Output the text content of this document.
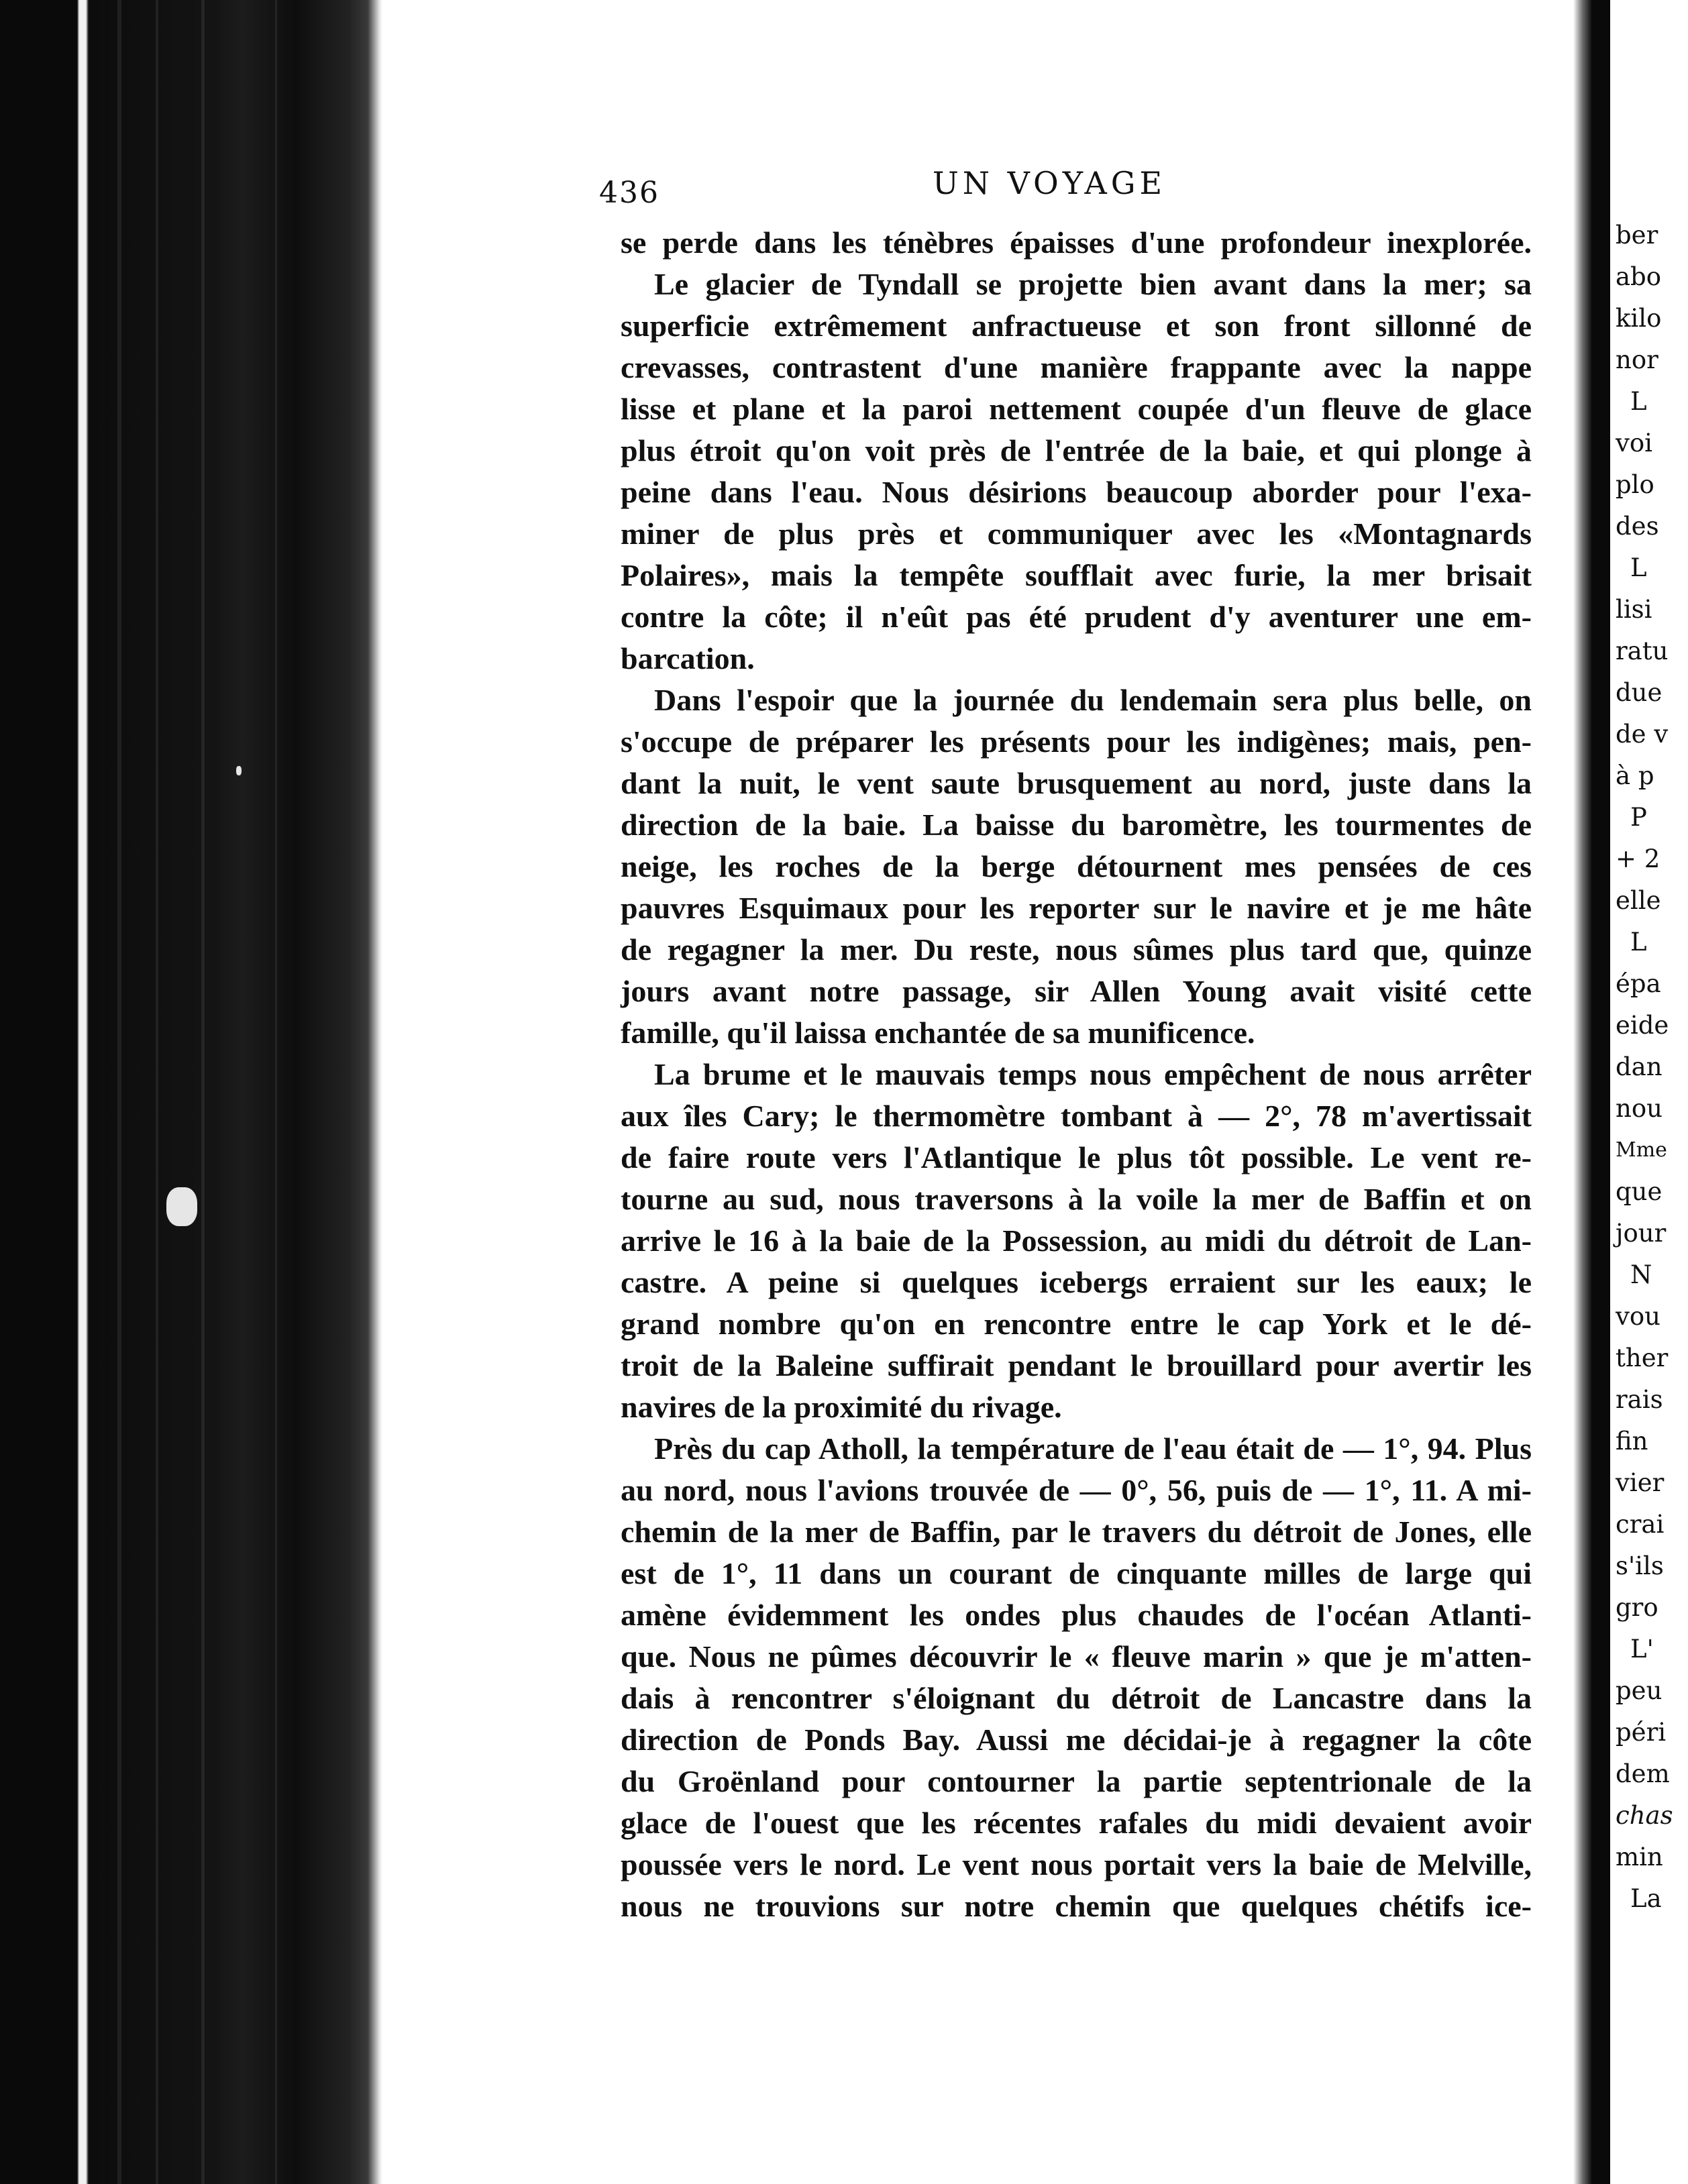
436	UN VOYAGE
se perde dans les ténèbres épaisses d'une profondeur inexplorée.
Le glacier de Tyndall se projette bien avant dans la mer; sa
superficie extrêmement anfractueuse et son front sillonné de
crevasses, contrastent d'une manière frappante avec la nappe
lisse et plane et la paroi nettement coupée d'un fleuve de glace
plus étroit qu'on voit près de l'entrée de la baie, et qui plonge à
peine dans l'eau. Nous désirions beaucoup aborder pour l'exa-
miner de plus près et communiquer avec les «Montagnards
Polaires», mais la tempête soufflait avec furie, la mer brisait
contre la côte; il n'eût pas été prudent d'y aventurer une em-
barcation.
Dans l'espoir que la journée du lendemain sera plus belle, on
s'occupe de préparer les présents pour les indigènes; mais, pen-
dant la nuit, le vent saute brusquement au nord, juste dans la
direction de la baie. La baisse du baromètre, les tourmentes de
neige, les roches de la berge détournent mes pensées de ces
pauvres Esquimaux pour les reporter sur le navire et je me hâte
de regagner la mer. Du reste, nous sûmes plus tard que, quinze
jours avant notre passage, sir Allen Young avait visité cette
famille, qu'il laissa enchantée de sa munificence.
La brume et le mauvais temps nous empêchent de nous arrêter
aux îles Cary; le thermomètre tombant à — 2°, 78 m'avertissait
de faire route vers l'Atlantique le plus tôt possible. Le vent re-
tourne au sud, nous traversons à la voile la mer de Baffin et on
arrive le 16 à la baie de la Possession, au midi du détroit de Lan-
castre. A peine si quelques icebergs erraient sur les eaux; le
grand nombre qu'on en rencontre entre le cap York et le dé-
troit de la Baleine suffirait pendant le brouillard pour avertir les
navires de la proximité du rivage.
Près du cap Atholl, la température de l'eau était de — 1°, 94. Plus
au nord, nous l'avions trouvée de — 0°, 56, puis de — 1°, 11. A mi-
chemin de la mer de Baffin, par le travers du détroit de Jones, elle
est de 1°, 11 dans un courant de cinquante milles de large qui
amène évidemment les ondes plus chaudes de l'océan Atlanti-
que. Nous ne pûmes découvrir le « fleuve marin » que je m'atten-
dais à rencontrer s'éloignant du détroit de Lancastre dans la
direction de Ponds Bay. Aussi me décidai-je à regagner la côte
du Groënland pour contourner la partie septentrionale de la
glace de l'ouest que les récentes rafales du midi devaient avoir
poussée vers le nord. Le vent nous portait vers la baie de Melville,
nous ne trouvions sur notre chemin que quelques chétifs ice-
ber
abo
kilo
nor
L
voi
plo
des
L
lisi
ratu
due
de v
à p
P
+ 2
elle
L
épa
eide
dan
nou
Mme
que
jour
N
vou
ther
rais
fin
vier
crai
s'ils
gro
L'
peu
péri
dem
chas
min
La
